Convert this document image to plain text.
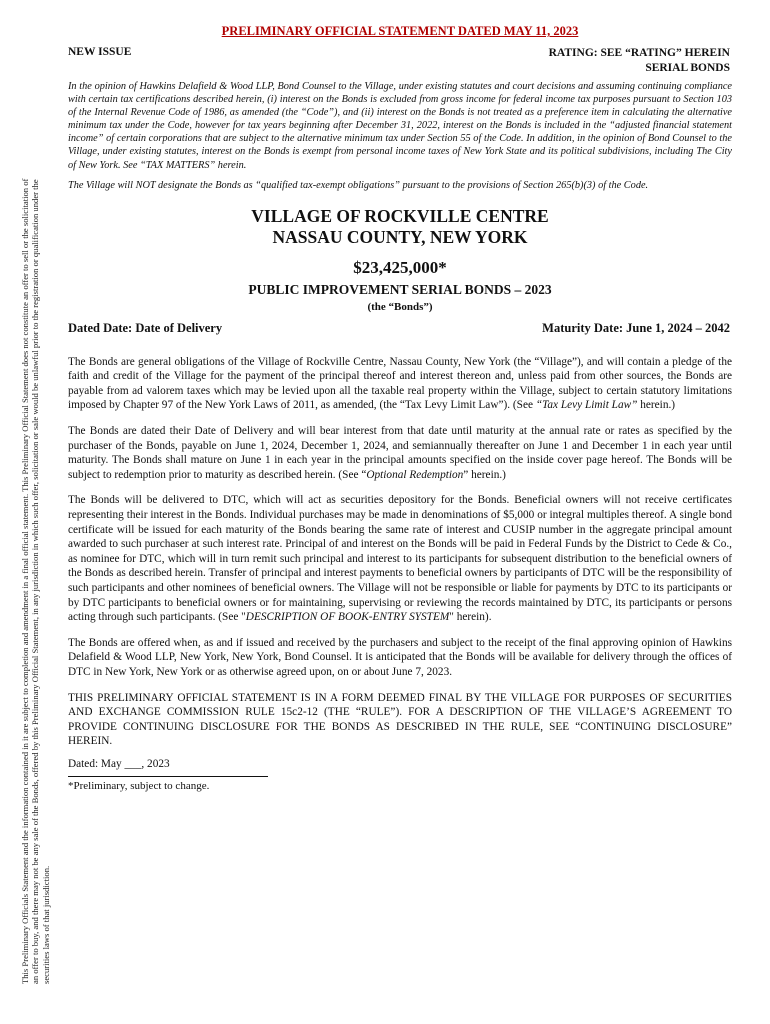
This Preliminary Officials Statement and the information contained in it are subject to completion and amendment in a final official statement. This Preliminary Official Statement does not constitute an offer to sell or the solicitation of an offer to buy, and there may not be any sale of the Bonds, offered by this Preliminary Official Statement, in any jurisdiction in which such offer, solicitation or sale would be unlawful prior to the registration or qualification under the securities laws of that jurisdiction.
PRELIMINARY OFFICIAL STATEMENT DATED MAY 11, 2023
NEW ISSUE	RATING: SEE “RATING” HEREIN
SERIAL BONDS

In the opinion of Hawkins Delafield & Wood LLP, Bond Counsel to the Village, under existing statutes and court decisions and assuming continuing compliance with certain tax certifications described herein, (i) interest on the Bonds is excluded from gross income for federal income tax purposes pursuant to Section 103 of the Internal Revenue Code of 1986, as amended (the “Code”), and (ii) interest on the Bonds is not treated as a preference item in calculating the alternative minimum tax under the Code, however for tax years beginning after December 31, 2022, interest on the Bonds is included in the “adjusted financial statement income” of certain corporations that are subject to the alternative minimum tax under Section 55 of the Code. In addition, in the opinion of Bond Counsel to the Village, under existing statutes, interest on the Bonds is exempt from personal income taxes of New York State and its political subdivisions, including The City of New York. See “TAX MATTERS” herein.

The Village will NOT designate the Bonds as “qualified tax-exempt obligations” pursuant to the provisions of Section 265(b)(3) of the Code.

VILLAGE OF ROCKVILLE CENTRE
NASSAU COUNTY, NEW YORK
$23,425,000*
PUBLIC IMPROVEMENT SERIAL BONDS – 2023
(the “Bonds”)
Dated Date: Date of Delivery	Maturity Date: June 1, 2024 – 2042

The Bonds are general obligations of the Village of Rockville Centre, Nassau County, New York (the “Village”), and will contain a pledge of the faith and credit of the Village for the payment of the principal thereof and interest thereon and, unless paid from other sources, the Bonds are payable from ad valorem taxes which may be levied upon all the taxable real property within the Village, subject to certain statutory limitations imposed by Chapter 97 of the New York Laws of 2011, as amended, (the “Tax Levy Limit Law”). (See “Tax Levy Limit Law” herein.)

The Bonds are dated their Date of Delivery and will bear interest from that date until maturity at the annual rate or rates as specified by the purchaser of the Bonds, payable on June 1, 2024, December 1, 2024, and semiannually thereafter on June 1 and December 1 in each year until maturity. The Bonds shall mature on June 1 in each year in the principal amounts specified on the inside cover page hereof. The Bonds will be subject to redemption prior to maturity as described herein. (See “Optional Redemption” herein.)

The Bonds will be delivered to DTC, which will act as securities depository for the Bonds. Beneficial owners will not receive certificates representing their interest in the Bonds. Individual purchases may be made in denominations of $5,000 or integral multiples thereof. A single bond certificate will be issued for each maturity of the Bonds bearing the same rate of interest and CUSIP number in the aggregate principal amount awarded to such purchaser at such interest rate. Principal of and interest on the Bonds will be paid in Federal Funds by the District to Cede & Co., as nominee for DTC, which will in turn remit such principal and interest to its participants for subsequent distribution to the beneficial owners of the Bonds as described herein. Transfer of principal and interest payments to beneficial owners by participants of DTC will be the responsibility of such participants and other nominees of beneficial owners. The Village will not be responsible or liable for payments by DTC to its participants or by DTC participants to beneficial owners or for maintaining, supervising or reviewing the records maintained by DTC, its participants or persons acting through such participants. (See "DESCRIPTION OF BOOK-ENTRY SYSTEM" herein).

The Bonds are offered when, as and if issued and received by the purchasers and subject to the receipt of the final approving opinion of Hawkins Delafield & Wood LLP, New York, New York, Bond Counsel. It is anticipated that the Bonds will be available for delivery through the offices of DTC in New York, New York or as otherwise agreed upon, on or about June 7, 2023.

THIS PRELIMINARY OFFICIAL STATEMENT IS IN A FORM DEEMED FINAL BY THE VILLAGE FOR PURPOSES OF SECURITIES AND EXCHANGE COMMISSION RULE 15c2-12 (THE “RULE”). FOR A DESCRIPTION OF THE VILLAGE’S AGREEMENT TO PROVIDE CONTINUING DISCLOSURE FOR THE BONDS AS DESCRIBED IN THE RULE, SEE “CONTINUING DISCLOSURE” HEREIN.
Dated: May ___, 2023
*Preliminary, subject to change.
